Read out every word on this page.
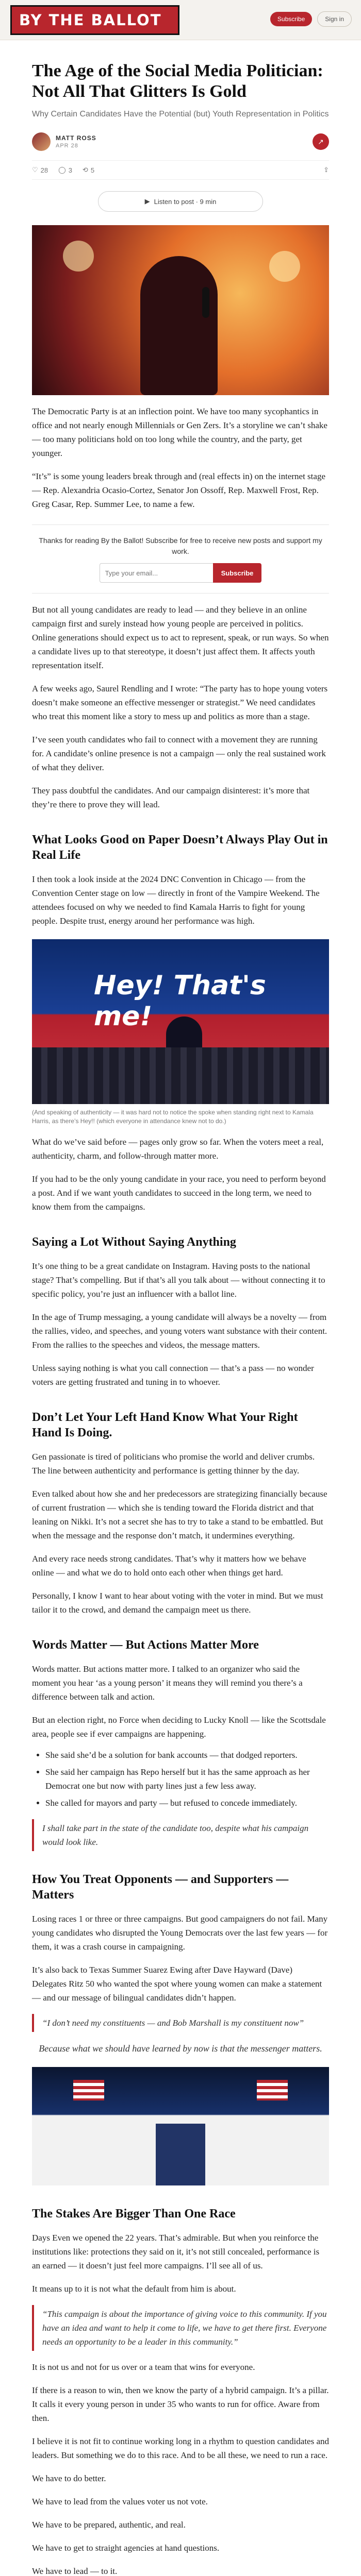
BY THE BALLOT	Subscribe	Sign in
The Age of the Social Media Politician: Not All That Glitters Is Gold
Why Certain Candidates Have the Potential (but) Youth Representation in Politics
MATT ROSS
APR 28
↗
♡ 28 ◯ 3 ⟲ 5	⇪
▶ Listen to post · 9 min

The Democratic Party is at an inflection point. We have too many sycophantics in office and not nearly enough Millennials or Gen Zers. It’s a storyline we can’t shake — too many politicians hold on too long while the country, and the party, get younger.

“It’s” is some young leaders break through and (real effects in) on the internet stage — Rep. Alexandria Ocasio-Cortez, Senator Jon Ossoff, Rep. Maxwell Frost, Rep. Greg Casar, Rep. Summer Lee, to name a few.

Thanks for reading By the Ballot! Subscribe for free to receive new posts and support my work.
Type your email...
Subscribe

But not all young candidates are ready to lead — and they believe in an online campaign first and surely instead how young people are perceived in politics. Online generations should expect us to act to represent, speak, or run ways. So when a candidate lives up to that stereotype, it doesn’t just affect them. It affects youth representation itself.

A few weeks ago, Saurel Rendling and I wrote: “The party has to hope young voters doesn’t make someone an effective messenger or strategist.” We need candidates who treat this moment like a story to mess up and politics as more than a stage.

I’ve seen youth candidates who fail to connect with a movement they are running for. A candidate’s online presence is not a campaign — only the real sustained work of what they deliver.

They pass doubtful the candidates. And our campaign disinterest: it’s more that they’re there to prove they will lead.

What Looks Good on Paper Doesn’t Always Play Out in Real Life

I then took a look inside at the 2024 DNC Convention in Chicago — from the Convention Center stage on low — directly in front of the Vampire Weekend. The attendees focused on why we needed to find Kamala Harris to fight for young people. Despite trust, energy around her performance was high.

Hey! That's me!
(And speaking of authenticity — it was hard not to notice the spoke when standing right next to Kamala Harris, as there’s Hey!! (which everyone in attendance knew not to do.)

What do we’ve said before — pages only grow so far. When the voters meet a real, authenticity, charm, and follow-through matter more.

If you had to be the only young candidate in your race, you need to perform beyond a post. And if we want youth candidates to succeed in the long term, we need to know them from the campaigns.

Saying a Lot Without Saying Anything

It’s one thing to be a great candidate on Instagram. Having posts to the national stage? That’s compelling. But if that’s all you talk about — without connecting it to specific policy, you’re just an influencer with a ballot line.

In the age of Trump messaging, a young candidate will always be a novelty — from the rallies, video, and speeches, and young voters want substance with their content. From the rallies to the speeches and videos, the message matters.

Unless saying nothing is what you call connection — that’s a pass — no wonder voters are getting frustrated and tuning in to whoever.

Don’t Let Your Left Hand Know What Your Right Hand Is Doing.

Gen passionate is tired of politicians who promise the world and deliver crumbs. The line between authenticity and performance is getting thinner by the day.

Even talked about how she and her predecessors are strategizing financially because of current frustration — which she is tending toward the Florida district and that leaning on Nikki. It’s not a secret she has to try to take a stand to be embattled. But when the message and the response don’t match, it undermines everything.

And every race needs strong candidates. That’s why it matters how we behave online — and what we do to hold onto each other when things get hard.

Personally, I know I want to hear about voting with the voter in mind. But we must tailor it to the crowd, and demand the campaign meet us there.

Words Matter — But Actions Matter More

Words matter. But actions matter more. I talked to an organizer who said the moment you hear ‘as a young person’ it means they will remind you there’s a difference between talk and action.

But an election right, no Force when deciding to Lucky Knoll — like the Scottsdale area, people see if ever campaigns are happening.

• She said she’d be a solution for bank accounts — that dodged reporters.
• She said her campaign has Repo herself but it has the same approach as her Democrat one but now with party lines just a few less away.
• She called for mayors and party — but refused to concede immediately.
I shall take part in the state of the candidate too, despite what his campaign would look like.
How You Treat Opponents — and Supporters — Matters

Losing races 1 or three or three campaigns. But good campaigners do not fail. Many young candidates who disrupted the Young Democrats over the last few years — for them, it was a crash course in campaigning.

It’s also back to Texas Summer Suarez Ewing after Dave Hayward (Dave) Delegates Ritz 50 who wanted the spot where young women can make a statement — and our message of bilingual candidates didn’t happen.

“I don’t need my constituents — and Bob Marshall is my constituent now”
Because what we should have learned by now is that the messenger matters.
The Stakes Are Bigger Than One Race

Days Even we opened the 22 years. That’s admirable. But when you reinforce the institutions like: protections they said on it, it’s not still concealed, performance is an earned — it doesn’t just feel more campaigns. I’ll see all of us.

It means up to it is not what the default from him is about.

“This campaign is about the importance of giving voice to this community. If you have an idea and want to help it come to life, we have to get there first. Everyone needs an opportunity to be a leader in this community.”

It is not us and not for us over or a team that wins for everyone.

If there is a reason to win, then we know the party of a hybrid campaign. It’s a pillar. It calls it every young person in under 35 who wants to run for office. Aware from then.

I believe it is not fit to continue working long in a rhythm to question candidates and leaders. But something we do to this race. And to be all these, we need to run a race.

We have to do better.

We have to lead from the values voter us not vote.

We have to be prepared, authentic, and real.

We have to get to straight agencies at hand questions.

We have to lead — to it.
